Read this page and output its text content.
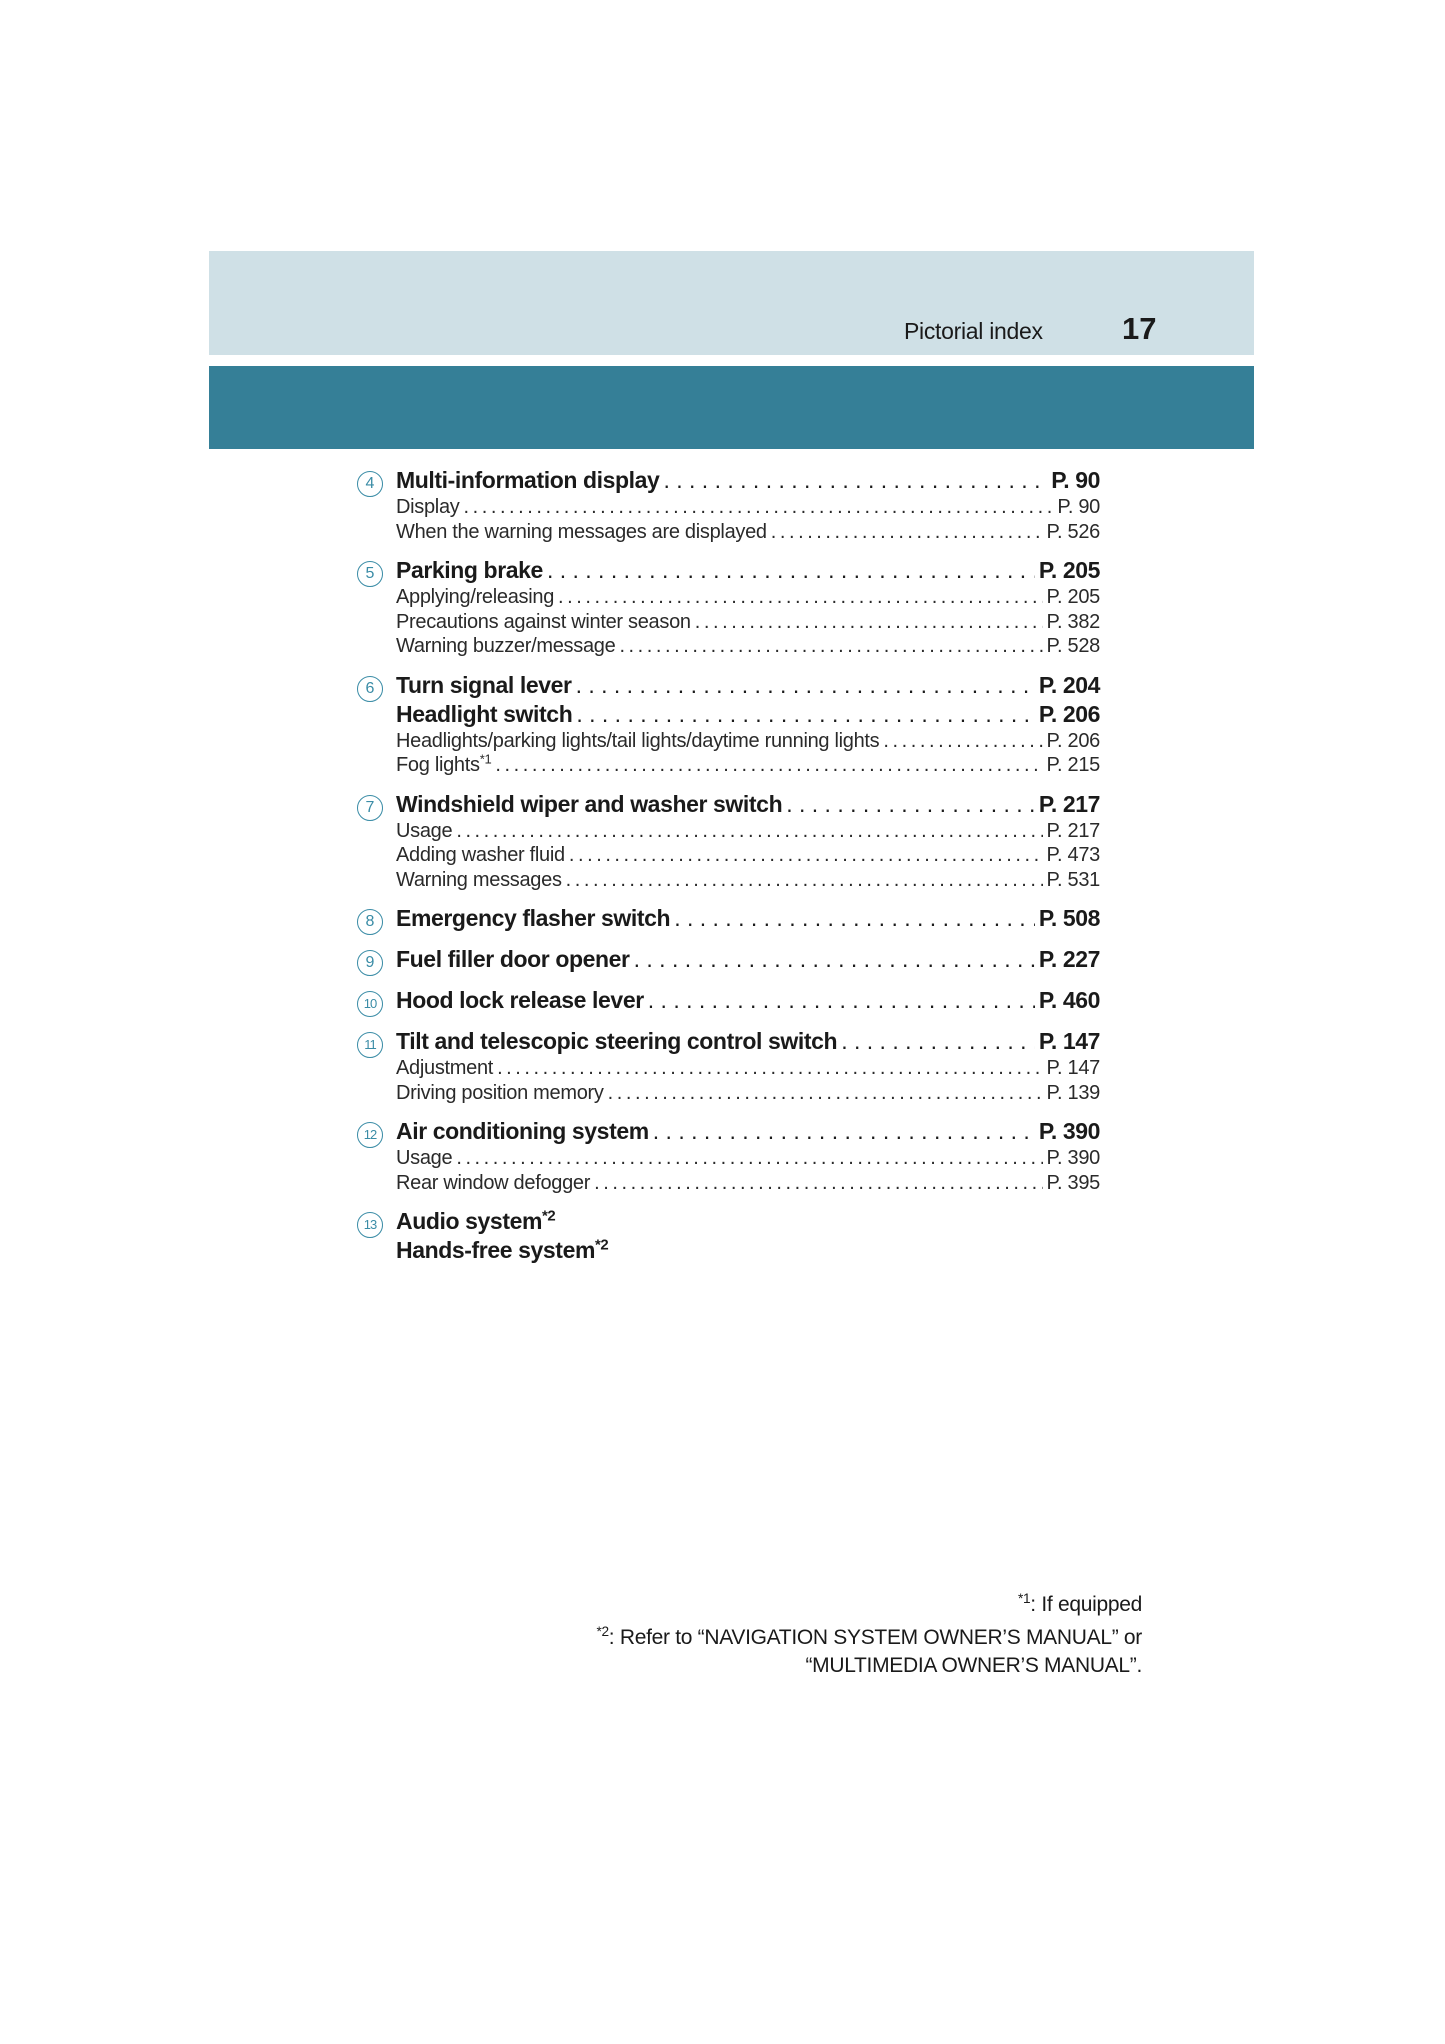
Pictorial index	17
4 Multi-information display . . .	P. 90
Display . . .	P. 90
When the warning messages are displayed . . .	P. 526
5 Parking brake . . .	P. 205
Applying/releasing . . .	P. 205
Precautions against winter season . . .	P. 382
Warning buzzer/message . . .	P. 528
6 Turn signal lever . . .	P. 204
Headlight switch . . .	P. 206
Headlights/parking lights/tail lights/daytime running lights . . .	P. 206
Fog lights$^{*1}$ . . .	P. 215
7 Windshield wiper and washer switch . . .	P. 217
Usage . . .	P. 217
Adding washer fluid . . .	P. 473
Warning messages . . .	P. 531
8 Emergency flasher switch . . .	P. 508
9 Fuel filler door opener . . .	P. 227
10 Hood lock release lever . . .	P. 460
11 Tilt and telescopic steering control switch . . .	P. 147
Adjustment . . .	P. 147
Driving position memory . . .	P. 139
12 Air conditioning system . . .	P. 390
Usage . . .	P. 390
Rear window defogger . . .	P. 395
13 Audio system$^{*2}$
Hands-free system$^{*2}$
$^{*1}$: If equipped
$^{*2}$: Refer to “NAVIGATION SYSTEM OWNER’S MANUAL” or
“MULTIMEDIA OWNER’S MANUAL”.
